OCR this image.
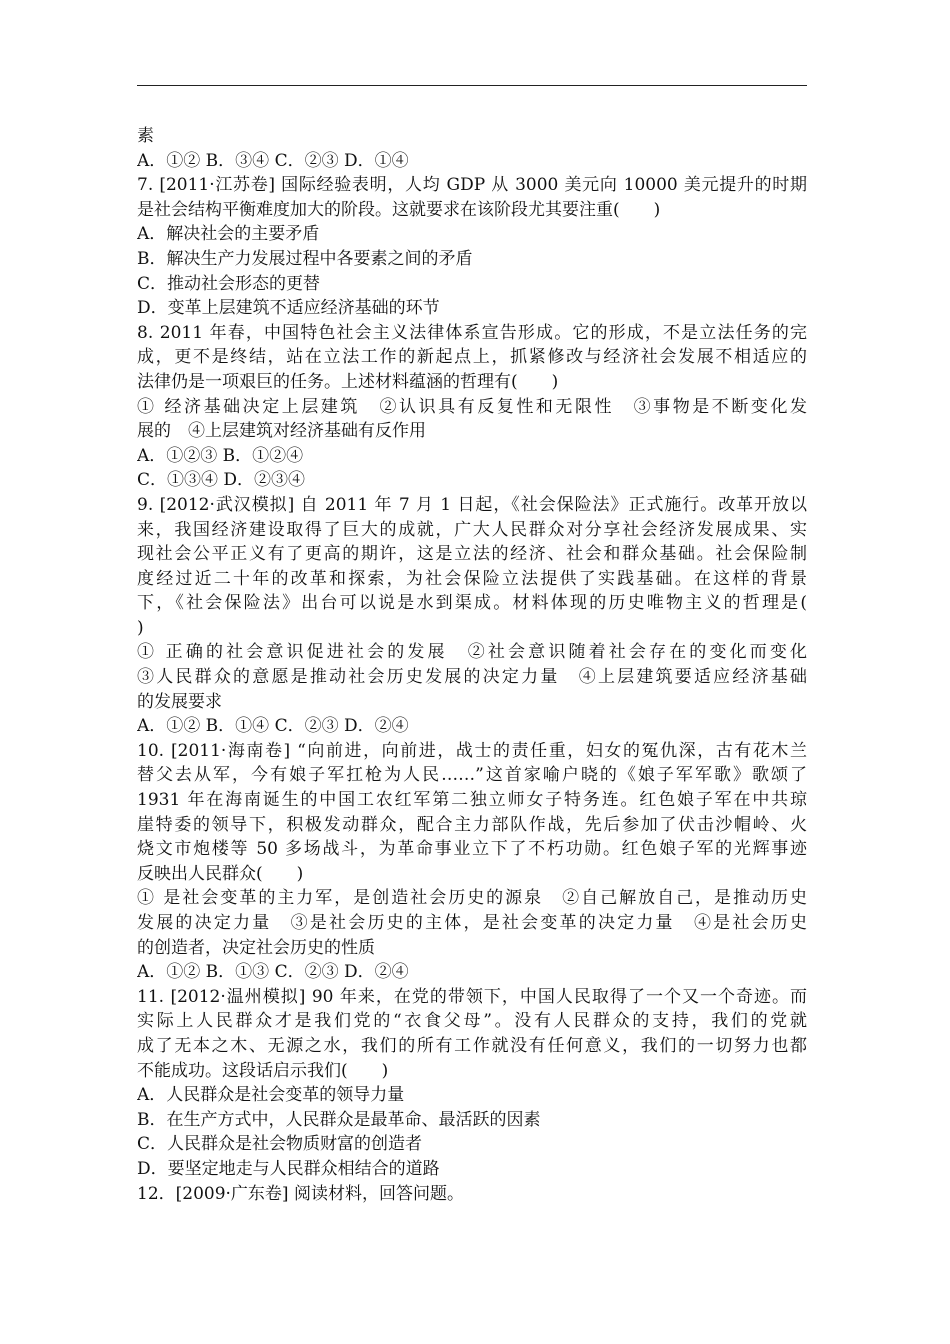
素
A．①② B．③④ C．②③ D．①④
7. [2011·江苏卷] 国际经验表明，人均 GDP 从 3000 美元向 10000 美元提升的时期
是社会结构平衡难度加大的阶段。这就要求在该阶段尤其要注重(　　)
A．解决社会的主要矛盾
B．解决生产力发展过程中各要素之间的矛盾
C．推动社会形态的更替
D．变革上层建筑不适应经济基础的环节
8. 2011 年春，中国特色社会主义法律体系宣告形成。它的形成，不是立法任务的完
成，更不是终结，站在立法工作的新起点上，抓紧修改与经济社会发展不相适应的
法律仍是一项艰巨的任务。上述材料蕴涵的哲理有(　　)
① 经济基础决定上层建筑　②认识具有反复性和无限性　③事物是不断变化发
展的　④上层建筑对经济基础有反作用
A．①②③ B．①②④
C．①③④ D．②③④
9. [2012·武汉模拟] 自 2011 年 7 月 1 日起，《社会保险法》正式施行。改革开放以
来，我国经济建设取得了巨大的成就，广大人民群众对分享社会经济发展成果、实
现社会公平正义有了更高的期许，这是立法的经济、社会和群众基础。社会保险制
度经过近二十年的改革和探索，为社会保险立法提供了实践基础。在这样的背景
下，《社会保险法》出台可以说是水到渠成。材料体现的历史唯物主义的哲理是(
)
① 正确的社会意识促进社会的发展　②社会意识随着社会存在的变化而变化
③人民群众的意愿是推动社会历史发展的决定力量　④上层建筑要适应经济基础
的发展要求
A．①② B．①④ C．②③ D．②④
10. [2011·海南卷] “向前进，向前进，战士的责任重，妇女的冤仇深，古有花木兰
替父去从军，今有娘子军扛枪为人民……”这首家喻户晓的《娘子军军歌》歌颂了
1931 年在海南诞生的中国工农红军第二独立师女子特务连。红色娘子军在中共琼
崖特委的领导下，积极发动群众，配合主力部队作战，先后参加了伏击沙帽岭、火
烧文市炮楼等 50 多场战斗，为革命事业立下了不朽功勋。红色娘子军的光辉事迹
反映出人民群众(　　)
① 是社会变革的主力军，是创造社会历史的源泉　②自己解放自己，是推动历史
发展的决定力量　③是社会历史的主体，是社会变革的决定力量　④是社会历史
的创造者，决定社会历史的性质
A．①② B．①③ C．②③ D．②④
11. [2012·温州模拟] 90 年来，在党的带领下，中国人民取得了一个又一个奇迹。而
实际上人民群众才是我们党的“衣食父母”。没有人民群众的支持，我们的党就
成了无本之木、无源之水，我们的所有工作就没有任何意义，我们的一切努力也都
不能成功。这段话启示我们(　　)
A．人民群众是社会变革的领导力量
B．在生产方式中，人民群众是最革命、最活跃的因素
C．人民群众是社会物质财富的创造者
D．要坚定地走与人民群众相结合的道路
12．[2009·广东卷] 阅读材料，回答问题。
